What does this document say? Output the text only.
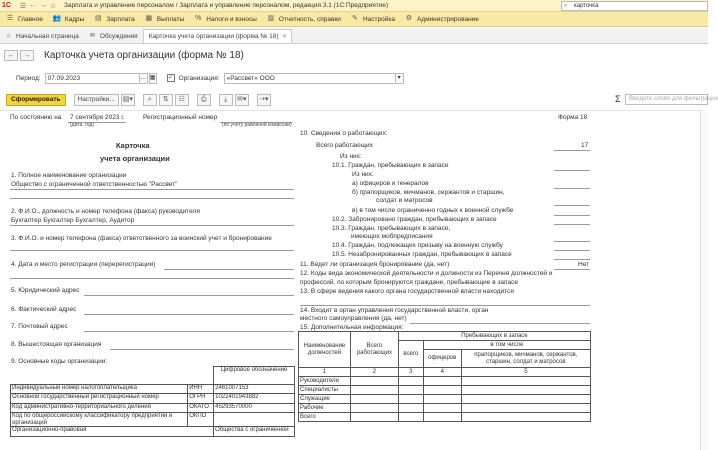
1С	☰ ← → ☆ Зарплата и управление персоналом / Зарплата и управление персоналом, редакция 3.1 (1С:Предприятие)	⌕ карточка
☰ Главное 👥 Кадры ▤ Зарплата ▦ Выплаты % Налоги и взносы ▥ Отчетность, справки ✎ Настройка ⚙ Администрирование
⌂ Начальная страница ✉ Обсуждения Карточка учета организации (форма № 18) ×
←	→	Карточка учета организации (форма № 18)
Период:	07.09.2023	… ▦ ✓ Организация:	«Рассвет» ООО	▾
Сформировать	Настройки...	▤▾	⌕	⇅	☷	⎙	⤓	✉▾	⇢▾	Σ	Введите слово для фильтрации
По состоянию на 7 сентября 2023 г.
(дата, год)
Регистрационный номер
(по учету районной комиссии)
Форма 18
Карточка
учета организации
1. Полное наименование организации
Общество с ограниченной ответственностью "Рассвет"
2. Ф.И.О., должность и номер телефона (факса) руководителя
Бухгалтер Бухгалтер Бухгалтер, Аудитор
3. Ф.И.О. и номер телефона (факса) ответственного за воинский учет и бронирование
4. Дата и место регистрации (перерегистрации)
5. Юридический адрес
6. Фактический адрес
7. Почтовый адрес
8. Вышестоящая организация
9. Основные коды организации:
		Цифровое обозначение
Индивидуальный номер налогоплательщика	ИНН	2461007153
Основной государственный регистрационный номер	ОГРН	1022401943882
Код административно-территориального деления	ОКАТО	45293570000
Код по общероссийскому классификатору предприятий и организаций	ОКПО	
Организационно-правовая		Общества с ограниченной
10. Сведения о работающих:
Всего работающих	17
Из них:
10.1. Граждан, пребывающих в запасе
Из них:
а) офицеров и генералов
б) прапорщиков, мичманов, сержантов и старшин,
солдат и матросов
в) в том числе ограниченно годных к военной службе
10.2. Забронировано граждан, пребывающих в запасе
10.3. Граждан, пребывающих в запасе,
имеющих мобпредписания
10.4. Граждан, подлежащих призыву на военную службу
10.5. Незабронированных граждан, пребывающих в запасе
11. Ведет ли организация бронирование (да, нет)	Нет
12. Коды вида экономической деятельности и должности из Перечня должностей и
профессий, по которым бронируются граждане, пребывающие в запасе
13. В сфере ведения какого органа государственной власти находится
14. Входит в орган управления государственной власти, орган
местного самоуправления (да, нет)
15. Дополнительная информация:
Наименование должностей	Всего работающих	Пребывающих в запасе		
		всего	в том числе	
			офицеров	прапорщиков, мичманов, сержантов, старшин, солдат и матросов
1	2	3	4	5
Руководители				
Специалисты				
Служащие				
Рабочие				
Всего				
